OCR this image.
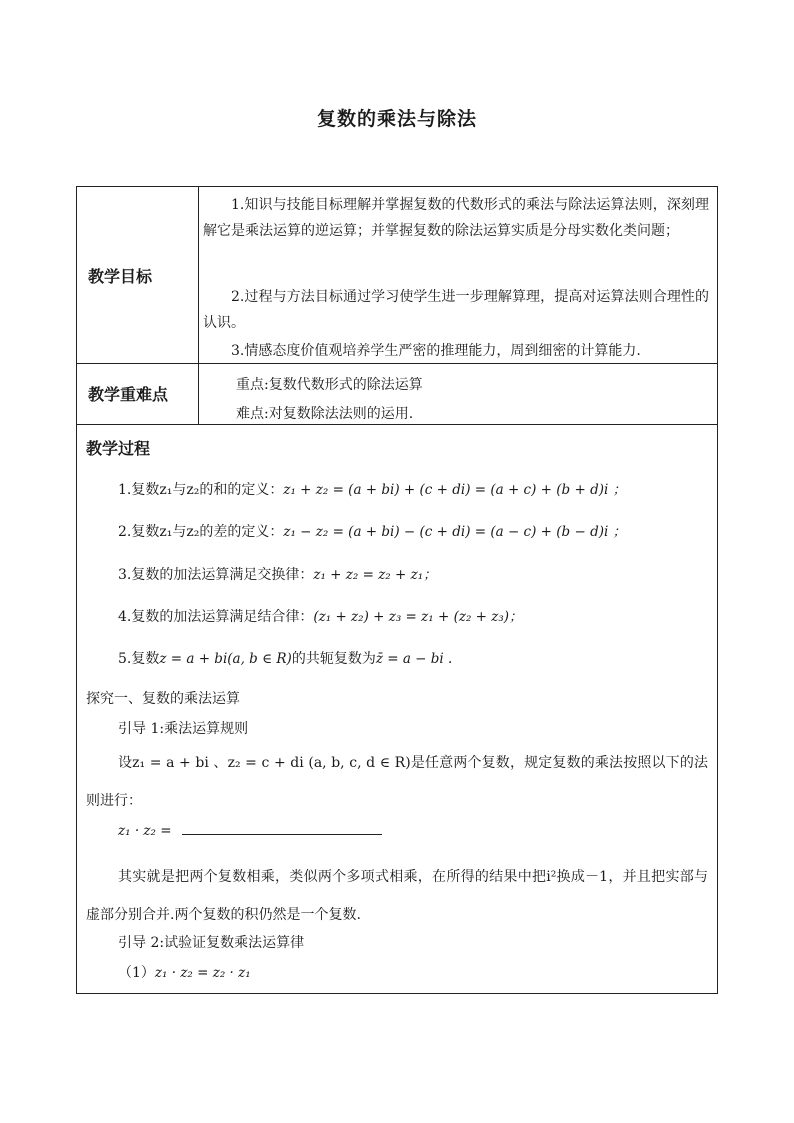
复数的乘法与除法
教学目标
1.知识与技能目标理解并掌握复数的代数形式的乘法与除法运算法则，深刻理解它是乘法运算的逆运算；并掌握复数的除法运算实质是分母实数化类问题；
2.过程与方法目标通过学习使学生进一步理解算理，提高对运算法则合理性的认识。
3.情感态度价值观培养学生严密的推理能力，周到细密的计算能力.
教学重难点	重点:复数代数形式的除法运算
难点:对复数除法法则的运用.
教学过程
1.复数z₁与z₂的和的定义：z₁ + z₂ = (a + bi) + (c + di) = (a + c) + (b + d)i ；
2.复数z₁与z₂的差的定义：z₁ − z₂ = (a + bi) − (c + di) = (a − c) + (b − d)i ；
3.复数的加法运算满足交换律：z₁ + z₂ = z₂ + z₁；
4.复数的加法运算满足结合律：(z₁ + z₂) + z₃ = z₁ + (z₂ + z₃)；
5.复数z = a + bi(a, b ∈ R)的共轭复数为z̄ = a − bi .
探究一、复数的乘法运算
引导 1:乘法运算规则
设z₁ = a + bi 、z₂ = c + di (a, b, c, d ∈ R)是任意两个复数，规定复数的乘法按照以下的法则进行：
z₁ · z₂ =
其实就是把两个复数相乘，类似两个多项式相乘，在所得的结果中把i²换成－1，并且把实部与虚部分别合并.两个复数的积仍然是一个复数.
引导 2:试验证复数乘法运算律
（1）z₁ · z₂ = z₂ · z₁
